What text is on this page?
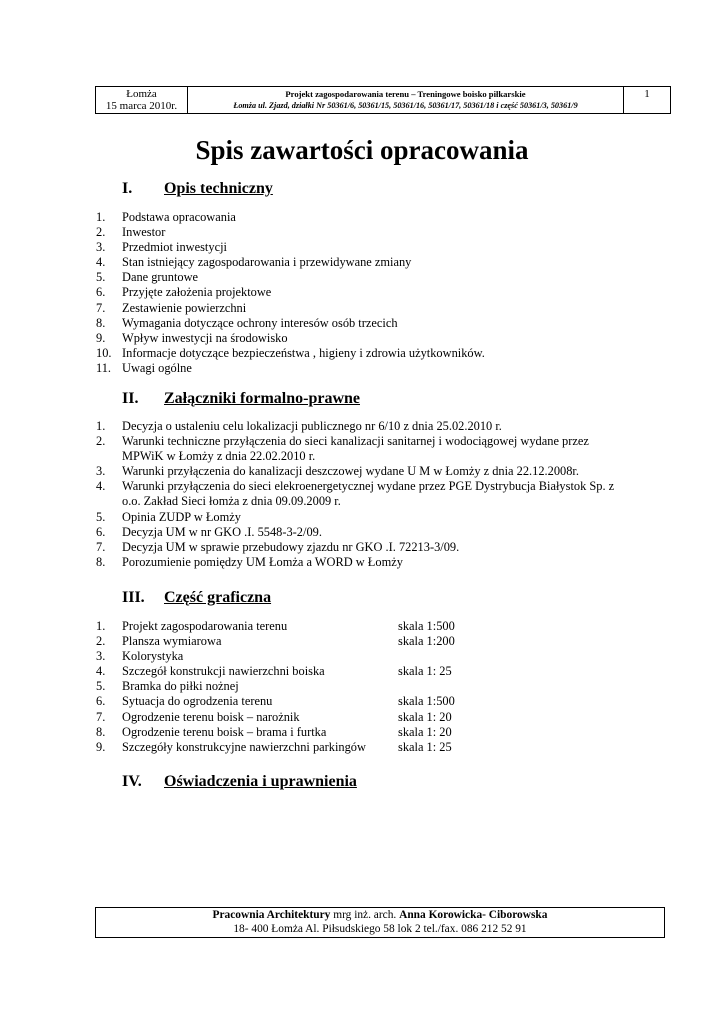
Łomża
15 marca 2010r.
Projekt zagospodarowania terenu – Treningowe boisko piłkarskie
Łomża ul. Zjazd, działki Nr 50361/6, 50361/15, 50361/16, 50361/17, 50361/18 i część 50361/3, 50361/9
1
Spis zawartości opracowania
I. Opis techniczny
1.	Podstawa opracowania
2.	Inwestor
3.	Przedmiot inwestycji
4.	Stan istniejący zagospodarowania i przewidywane zmiany
5.	Dane gruntowe
6.	Przyjęte założenia projektowe
7.	Zestawienie powierzchni
8.	Wymagania dotyczące ochrony interesów osób trzecich
9.	Wpływ inwestycji na środowisko
10. Informacje dotyczące bezpieczeństwa , higieny i zdrowia użytkowników.
11. Uwagi ogólne
II. Załączniki formalno-prawne
1.	Decyzja o ustaleniu celu lokalizacji publicznego nr 6/10 z dnia 25.02.2010 r.
2.	Warunki techniczne przyłączenia do sieci kanalizacji sanitarnej i wodociągowej wydane przez
MPWiK w Łomży z dnia 22.02.2010 r.
3.	Warunki przyłączenia do kanalizacji deszczowej wydane U M w Łomży z dnia 22.12.2008r.
4.	Warunki przyłączenia do sieci elekroenergetycznej wydane przez PGE Dystrybucja Białystok Sp. z
o.o. Zakład Sieci łomża z dnia 09.09.2009 r.
5.	Opinia ZUDP w Łomży
6.	Decyzja UM w nr GKO .I. 5548-3-2/09.
7.	Decyzja UM w sprawie przebudowy zjazdu nr GKO .I. 72213-3/09.
8.	Porozumienie pomiędzy UM Łomża a WORD w Łomży
III. Część graficzna
1.	Projekt zagospodarowania terenu	skala 1:500
2.	Plansza wymiarowa	skala 1:200
3.	Kolorystyka
4.	Szczegół konstrukcji nawierzchni boiska	skala 1: 25
5.	Bramka do piłki nożnej
6.	Sytuacja do ogrodzenia terenu	skala 1:500
7.	Ogrodzenie terenu boisk – narożnik	skala 1: 20
8.	Ogrodzenie terenu boisk – brama i furtka	skala 1: 20
9.	Szczegóły konstrukcyjne nawierzchni parkingów	skala 1: 25
IV. Oświadczenia i uprawnienia
Pracownia Architektury mrg inż. arch. Anna Korowicka- Ciborowska
18- 400 Łomża Al. Piłsudskiego 58 lok 2 tel./fax. 086 212 52 91
